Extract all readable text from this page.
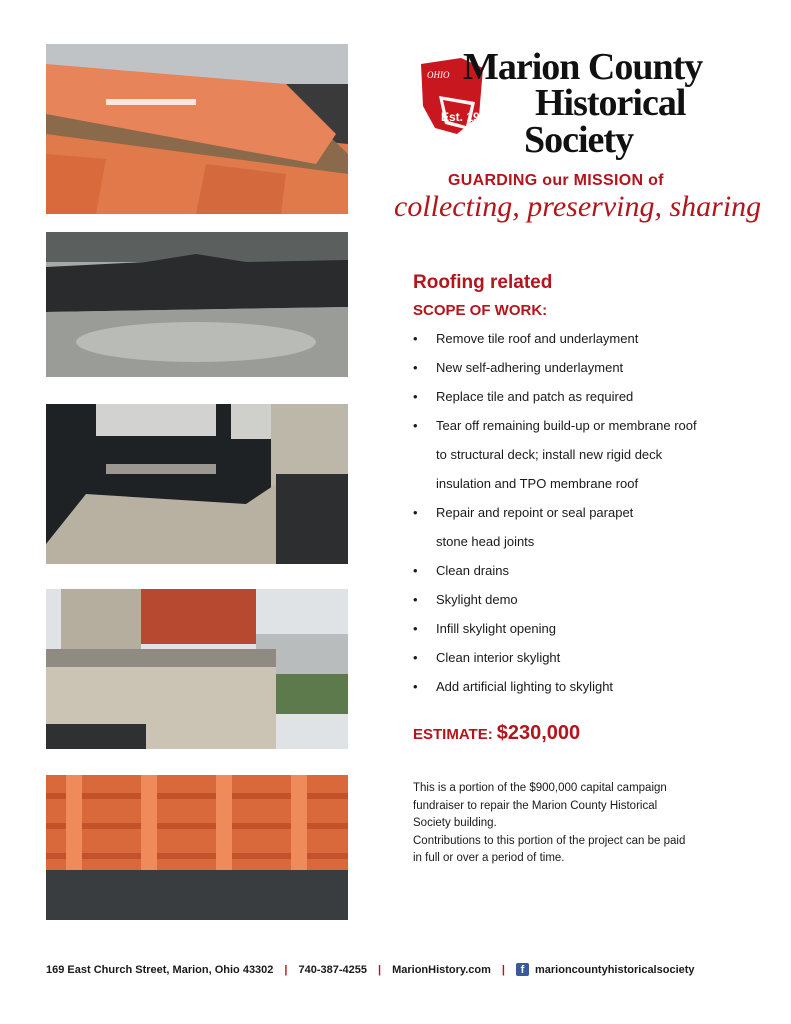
OHIO
Est. 1969
Marion County
Historical
Society
GUARDING our MISSION of
collecting, preserving, sharing
Roofing related
SCOPE OF WORK:
• Remove tile roof and underlayment
• New self-adhering underlayment
• Replace tile and patch as required
• Tear off remaining build-up or membrane roof
to structural deck; install new rigid deck
insulation and TPO membrane roof
• Repair and repoint or seal parapet
stone head joints
• Clean drains
• Skylight demo
• Infill skylight opening
• Clean interior skylight
• Add artificial lighting to skylight
ESTIMATE: $230,000

This is a portion of the $900,000 capital campaign
fundraiser to repair the Marion County Historical
Society building.
Contributions to this portion of the project can be paid
in full or over a period of time.

169 East Church Street, Marion, Ohio 43302 | 740-387-4255 | MarionHistory.com |	f marioncountyhistoricalsociety
